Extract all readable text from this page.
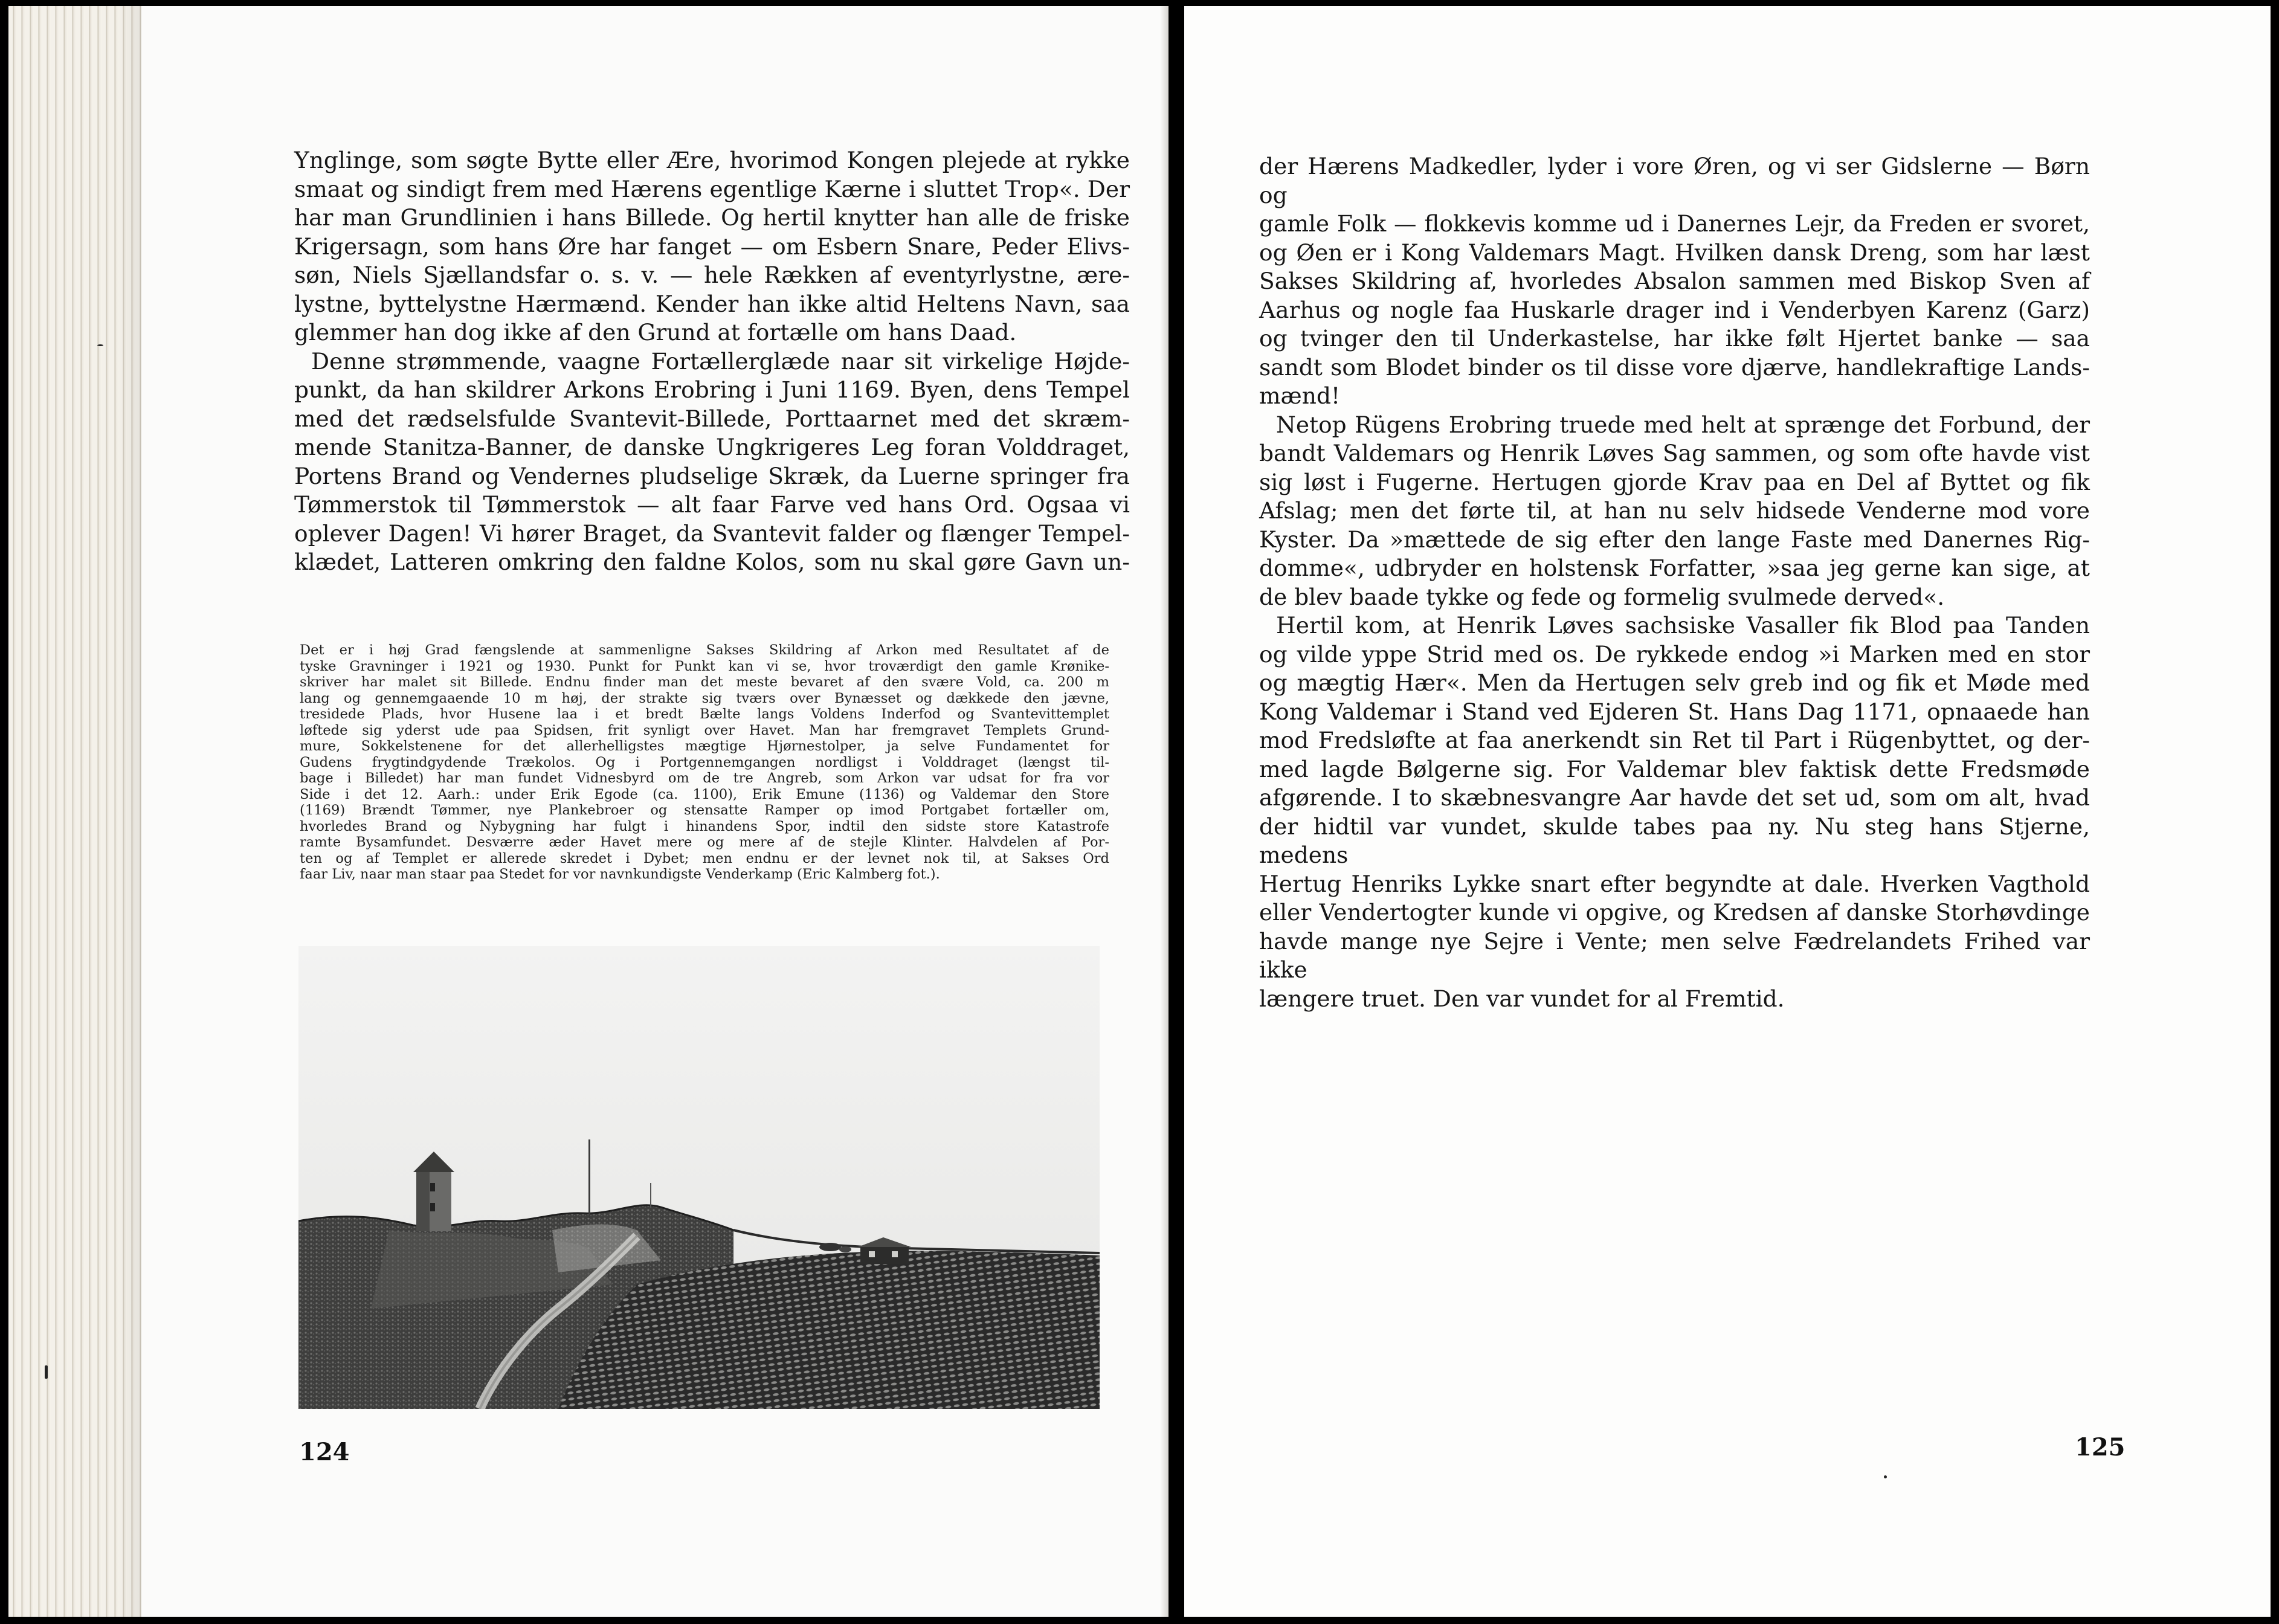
Ynglinge, som søgte Bytte eller Ære, hvorimod Kongen plejede at rykke
smaat og sindigt frem med Hærens egentlige Kærne i sluttet Trop«. Der
har man Grundlinien i hans Billede. Og hertil knytter han alle de friske
Krigersagn, som hans Øre har fanget — om Esbern Snare, Peder Elivs-
søn, Niels Sjællandsfar o. s. v. — hele Rækken af eventyrlystne, ære-
lystne, byttelystne Hærmænd. Kender han ikke altid Heltens Navn, saa
glemmer han dog ikke af den Grund at fortælle om hans Daad.

Denne strømmende, vaagne Fortællerglæde naar sit virkelige Højde-
punkt, da han skildrer Arkons Erobring i Juni 1169. Byen, dens Tempel
med det rædselsfulde Svantevit-Billede, Porttaarnet med det skræm-
mende Stanitza-Banner, de danske Ungkrigeres Leg foran Volddraget,
Portens Brand og Vendernes pludselige Skræk, da Luerne springer fra
Tømmerstok til Tømmerstok — alt faar Farve ved hans Ord. Ogsaa vi
oplever Dagen! Vi hører Braget, da Svantevit falder og flænger Tempel-
klædet, Latteren omkring den faldne Kolos, som nu skal gøre Gavn un-

Det er i høj Grad fængslende at sammenligne Sakses Skildring af Arkon med Resultatet af de
tyske Gravninger i 1921 og 1930. Punkt for Punkt kan vi se, hvor troværdigt den gamle Krønike-
skriver har malet sit Billede. Endnu finder man det meste bevaret af den svære Vold, ca. 200 m
lang og gennemgaaende 10 m høj, der strakte sig tværs over Bynæsset og dækkede den jævne,
tresidede Plads, hvor Husene laa i et bredt Bælte langs Voldens Inderfod og Svantevittemplet
løftede sig yderst ude paa Spidsen, frit synligt over Havet. Man har fremgravet Templets Grund-
mure, Sokkelstenene for det allerhelligstes mægtige Hjørnestolper, ja selve Fundamentet for
Gudens frygtindgydende Trækolos. Og i Portgennemgangen nordligst i Volddraget (længst til-
bage i Billedet) har man fundet Vidnesbyrd om de tre Angreb, som Arkon var udsat for fra vor
Side i det 12. Aarh.: under Erik Egode (ca. 1100), Erik Emune (1136) og Valdemar den Store
(1169) Brændt Tømmer, nye Plankebroer og stensatte Ramper op imod Portgabet fortæller om,
hvorledes Brand og Nybygning har fulgt i hinandens Spor, indtil den sidste store Katastrofe
ramte Bysamfundet. Desværre æder Havet mere og mere af de stejle Klinter. Halvdelen af Por-
ten og af Templet er allerede skredet i Dybet; men endnu er der levnet nok til, at Sakses Ord
faar Liv, naar man staar paa Stedet for vor navnkundigste Venderkamp (Eric Kalmberg fot.).
124

der Hærens Madkedler, lyder i vore Øren, og vi ser Gidslerne — Børn og
gamle Folk — flokkevis komme ud i Danernes Lejr, da Freden er svoret,
og Øen er i Kong Valdemars Magt. Hvilken dansk Dreng, som har læst
Sakses Skildring af, hvorledes Absalon sammen med Biskop Sven af
Aarhus og nogle faa Huskarle drager ind i Venderbyen Karenz (Garz)
og tvinger den til Underkastelse, har ikke følt Hjertet banke — saa
sandt som Blodet binder os til disse vore djærve, handlekraftige Lands-
mænd!

Netop Rügens Erobring truede med helt at sprænge det Forbund, der
bandt Valdemars og Henrik Løves Sag sammen, og som ofte havde vist
sig løst i Fugerne. Hertugen gjorde Krav paa en Del af Byttet og fik
Afslag; men det førte til, at han nu selv hidsede Venderne mod vore
Kyster. Da »mættede de sig efter den lange Faste med Danernes Rig-
domme«, udbryder en holstensk Forfatter, »saa jeg gerne kan sige, at
de blev baade tykke og fede og formelig svulmede derved«.

Hertil kom, at Henrik Løves sachsiske Vasaller fik Blod paa Tanden
og vilde yppe Strid med os. De rykkede endog »i Marken med en stor
og mægtig Hær«. Men da Hertugen selv greb ind og fik et Møde med
Kong Valdemar i Stand ved Ejderen St. Hans Dag 1171, opnaaede han
mod Fredsløfte at faa anerkendt sin Ret til Part i Rügenbyttet, og der-
med lagde Bølgerne sig. For Valdemar blev faktisk dette Fredsmøde
afgørende. I to skæbnesvangre Aar havde det set ud, som om alt, hvad
der hidtil var vundet, skulde tabes paa ny. Nu steg hans Stjerne, medens
Hertug Henriks Lykke snart efter begyndte at dale. Hverken Vagthold
eller Vendertogter kunde vi opgive, og Kredsen af danske Storhøvdinge
havde mange nye Sejre i Vente; men selve Fædrelandets Frihed var ikke
længere truet. Den var vundet for al Fremtid.

125
